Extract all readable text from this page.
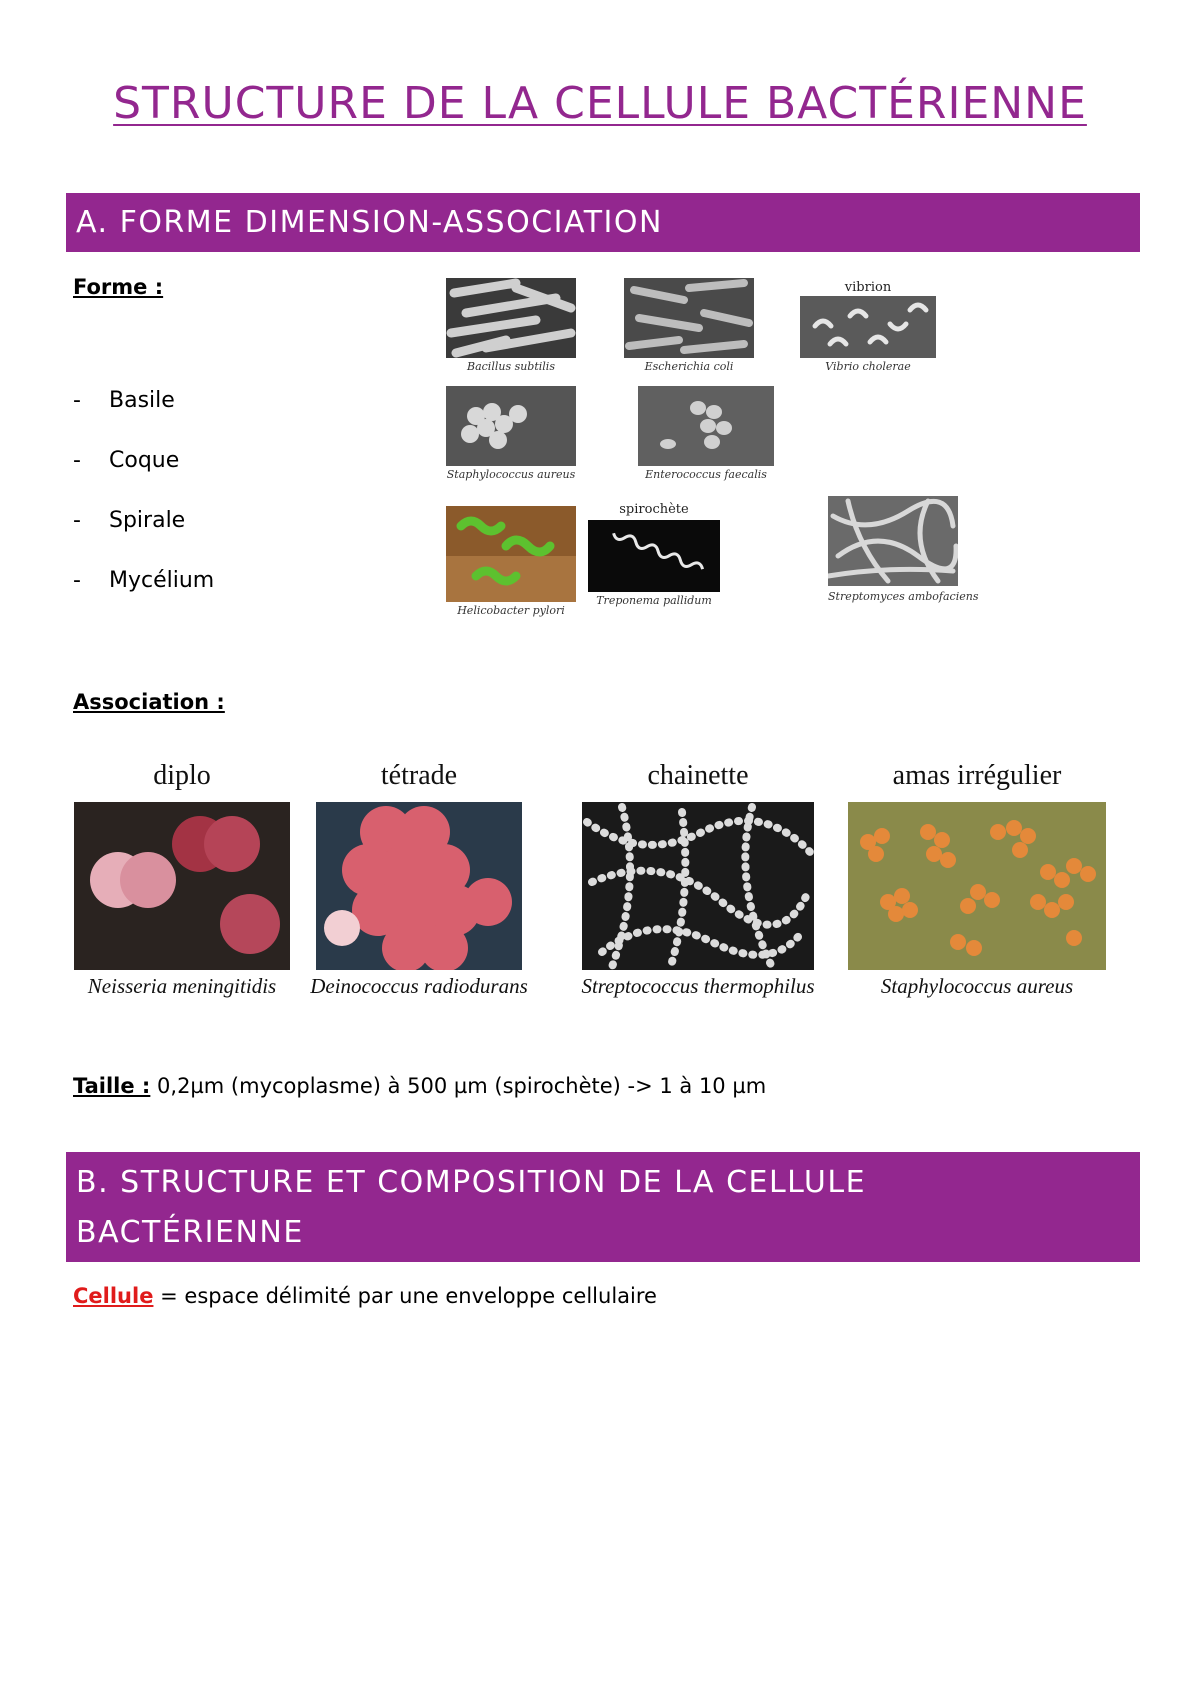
STRUCTURE DE LA CELLULE BACTÉRIENNE
A. FORME DIMENSION-ASSOCIATION
Forme :
-	Basile
-	Coque
-	Spirale
-	Mycélium
Bacillus subtilis	Escherichia coli
vibrion
Vibrio cholerae
Staphylococcus aureus	Enterococcus faecalis
Helicobacter pylori
spirochète
Treponema pallidum	Streptomyces ambofaciens
Association :
diplo
Neisseria meningitidis
tétrade
Deinococcus radiodurans
chainette
Streptococcus thermophilus
amas irrégulier
Staphylococcus aureus
Taille : 0,2µm (mycoplasme) à 500 µm (spirochète) -> 1 à 10 µm
B. STRUCTURE ET COMPOSITION DE LA CELLULE
BACTÉRIENNE
Cellule = espace délimité par une enveloppe cellulaire
